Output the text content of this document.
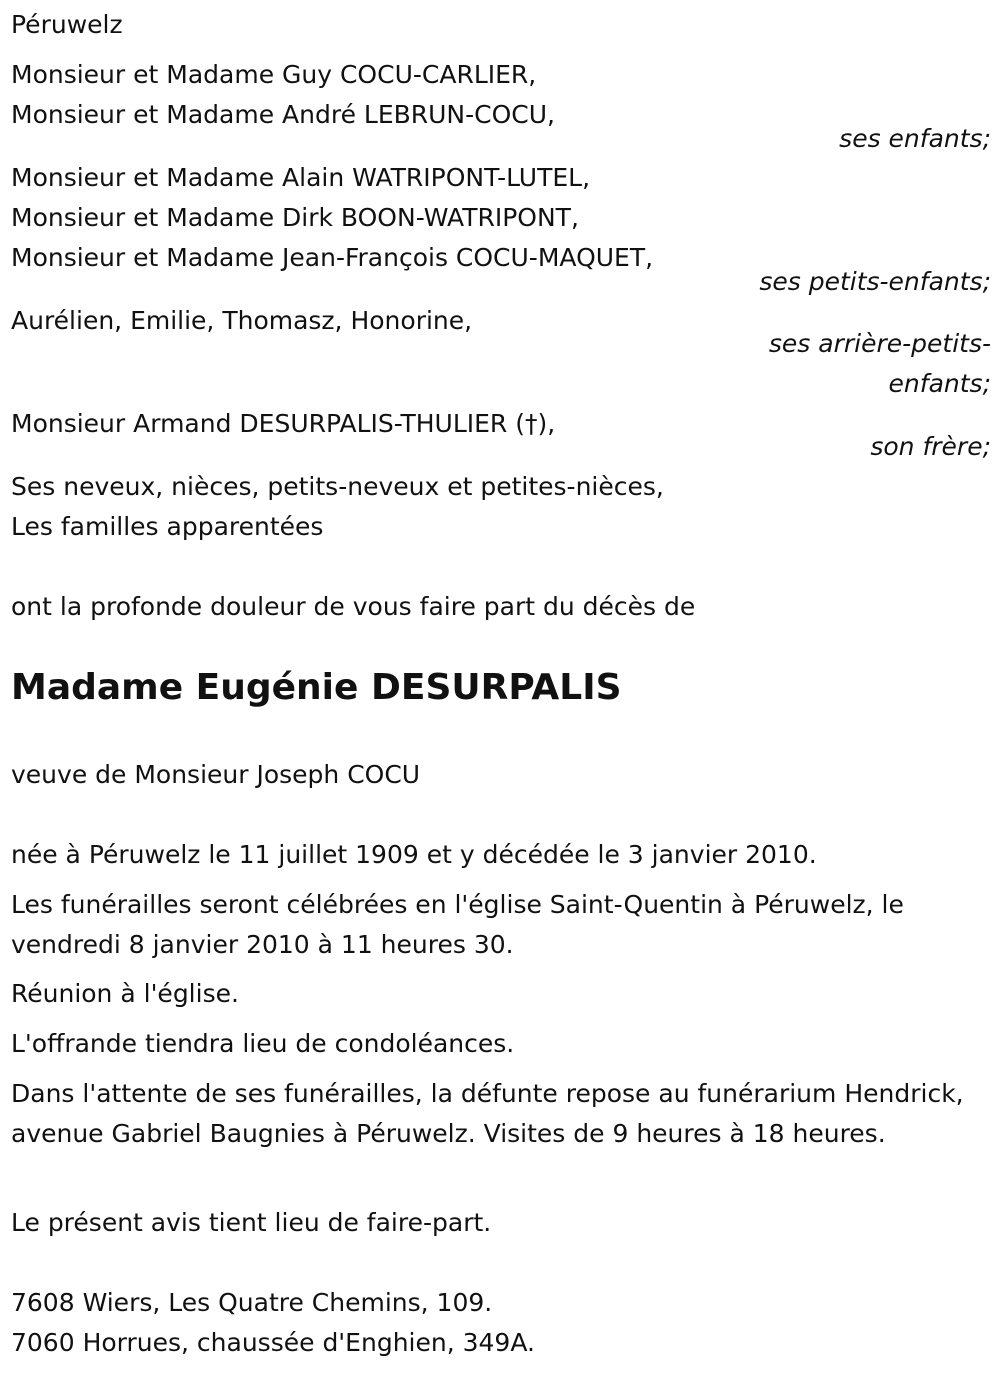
Péruwelz
Monsieur et Madame Guy COCU-CARLIER,
Monsieur et Madame André LEBRUN-COCU,
ses enfants;
Monsieur et Madame Alain WATRIPONT-LUTEL,
Monsieur et Madame Dirk BOON-WATRIPONT,
Monsieur et Madame Jean-François COCU-MAQUET,
ses petits-enfants;
Aurélien, Emilie, Thomasz, Honorine,
ses arrière-petits-enfants;
Monsieur Armand DESURPALIS-THULIER (†),
son frère;
Ses neveux, nièces, petits-neveux et petites-nièces,
Les familles apparentées
ont la profonde douleur de vous faire part du décès de
Madame Eugénie DESURPALIS
veuve de Monsieur Joseph COCU
née à Péruwelz le 11 juillet 1909 et y décédée le 3 janvier 2010.
Les funérailles seront célébrées en l'église Saint-Quentin à Péruwelz, le vendredi 8 janvier 2010 à 11 heures 30.
Réunion à l'église.
L'offrande tiendra lieu de condoléances.
Dans l'attente de ses funérailles, la défunte repose au funérarium Hendrick, avenue Gabriel Baugnies à Péruwelz. Visites de 9 heures à 18 heures.
Le présent avis tient lieu de faire-part.
7608 Wiers, Les Quatre Chemins, 109.
7060 Horrues, chaussée d'Enghien, 349A.
